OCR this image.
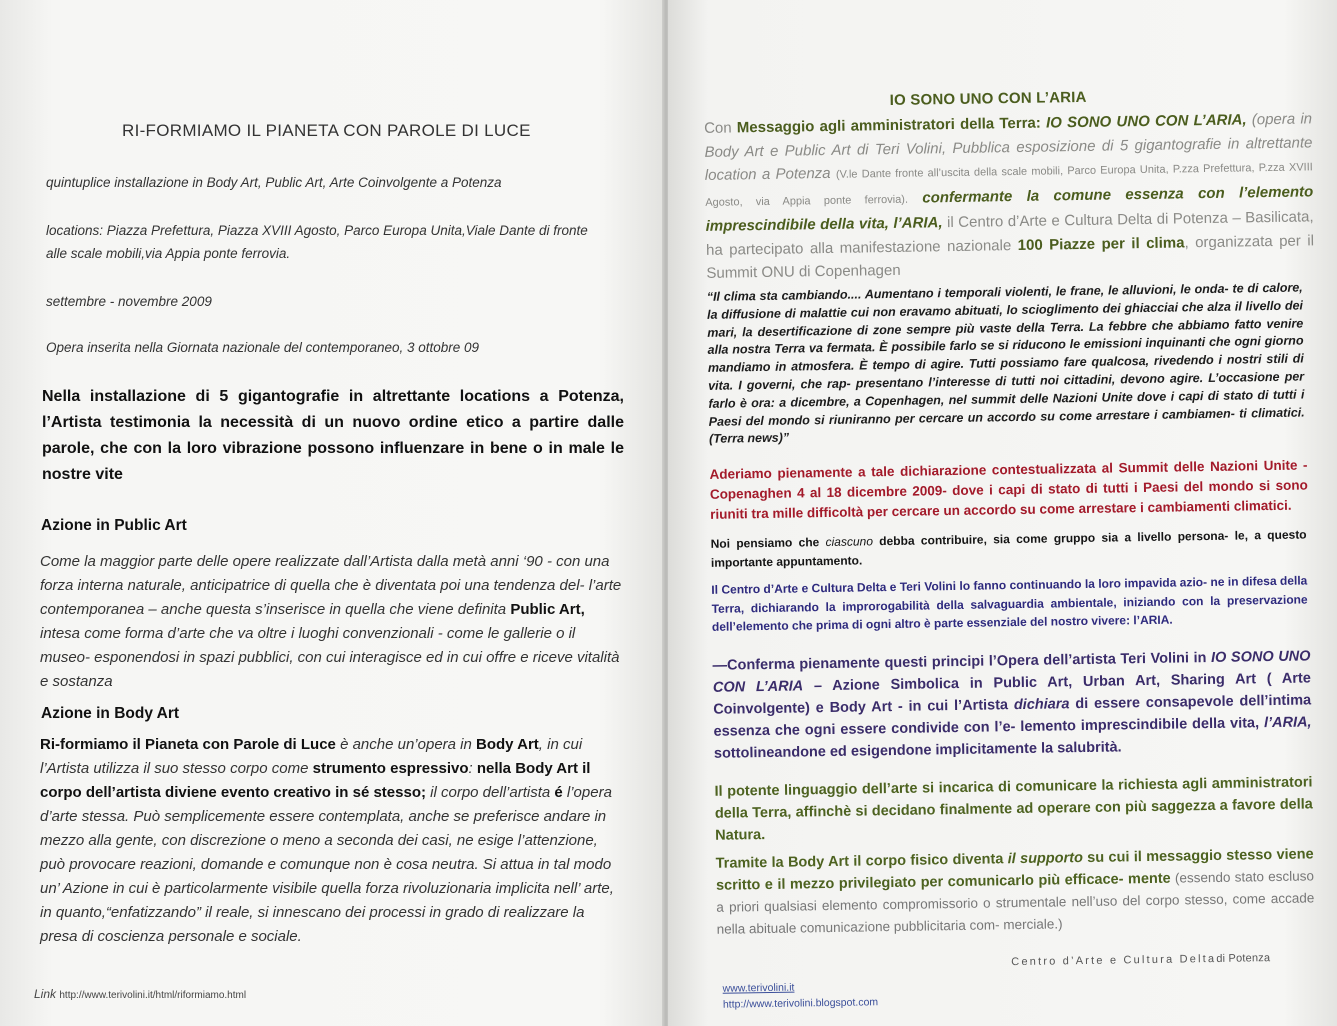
RI-FORMIAMO IL PIANETA CON PAROLE DI LUCE
quintuplice installazione in Body Art, Public Art, Arte Coinvolgente a Potenza
locations: Piazza Prefettura, Piazza XVIII Agosto, Parco Europa Unita,Viale Dante di fronte
alle scale mobili,via Appia ponte ferrovia.
settembre - novembre 2009
Opera inserita nella Giornata nazionale del contemporaneo, 3 ottobre 09
Nella installazione di 5 gigantografie in altrettante locations a Potenza, l’Artista testimonia la necessità di un nuovo ordine etico a partire dalle parole, che con la loro vibrazione possono influenzare in bene o in male le nostre vite
Azione in Public Art
Come la maggior parte delle opere realizzate dall’Artista dalla metà anni ‘90 - con una forza interna naturale, anticipatrice di quella che è diventata poi una tendenza del- l’arte contemporanea – anche questa s’inserisce in quella che viene definita Public Art, intesa come forma d’arte che va oltre i luoghi convenzionali - come le gallerie o il museo- esponendosi in spazi pubblici, con cui interagisce ed in cui offre e riceve vitalità e sostanza
Azione in Body Art
Ri-formiamo il Pianeta con Parole di Luce è anche un’opera in Body Art, in cui l’Artista utilizza il suo stesso corpo come strumento espressivo: nella Body Art il corpo dell’artista diviene evento creativo in sé stesso; il corpo dell’artista é l’opera d’arte stessa. Può semplicemente essere contemplata, anche se preferisce andare in mezzo alla gente, con discrezione o meno a seconda dei casi, ne esige l’attenzione, può provocare reazioni, domande e comunque non è cosa neutra. Si attua in tal modo un’ Azione in cui è particolarmente visibile quella forza rivoluzionaria implicita nell’ arte, in quanto,“enfatizzando” il reale, si innescano dei processi in grado di realizzare la presa di coscienza personale e sociale.
Link http://www.terivolini.it/html/riformiamo.html
IO SONO UNO CON L’ARIA
Con Messaggio agli amministratori della Terra: IO SONO UNO CON L’ARIA, (opera in Body Art e Public Art di Teri Volini, Pubblica esposizione di 5 gigantografie in altrettante location a Potenza (V.le Dante fronte all’uscita della scale mobili, Parco Europa Unita, P.zza Prefettura, P.zza XVIII Agosto, via Appia ponte ferrovia). confermante la comune essenza con l’elemento imprescindibile della vita, l’ARIA, il Centro d’Arte e Cultura Delta di Potenza – Basilicata, ha partecipato alla manifestazione nazionale 100 Piazze per il clima, organizzata per il Summit ONU di Copenhagen
“Il clima sta cambiando.... Aumentano i temporali violenti, le frane, le alluvioni, le onda- te di calore, la diffusione di malattie cui non eravamo abituati, lo scioglimento dei ghiacciai che alza il livello dei mari, la desertificazione di zone sempre più vaste della Terra. La febbre che abbiamo fatto venire alla nostra Terra va fermata. È possibile farlo se si riducono le emissioni inquinanti che ogni giorno mandiamo in atmosfera. È tempo di agire. Tutti possiamo fare qualcosa, rivedendo i nostri stili di vita. I governi, che rap- presentano l’interesse di tutti noi cittadini, devono agire. L’occasione per farlo è ora: a dicembre, a Copenhagen, nel summit delle Nazioni Unite dove i capi di stato di tutti i Paesi del mondo si riuniranno per cercare un accordo su come arrestare i cambiamen- ti climatici. (Terra news)”
Aderiamo pienamente a tale dichiarazione contestualizzata al Summit delle Nazioni Unite - Copenaghen 4 al 18 dicembre 2009- dove i capi di stato di tutti i Paesi del mondo si sono riuniti tra mille difficoltà per cercare un accordo su come arrestare i cambiamenti climatici.
Noi pensiamo che ciascuno debba contribuire, sia come gruppo sia a livello persona- le, a questo importante appuntamento.
Il Centro d’Arte e Cultura Delta e Teri Volini lo fanno continuando la loro impavida azio- ne in difesa della Terra, dichiarando la improrogabilità della salvaguardia ambientale, iniziando con la preservazione dell’elemento che prima di ogni altro è parte essenziale del nostro vivere: l’ARIA.
—Conferma pienamente questi principi l’Opera dell’artista Teri Volini in IO SONO UNO CON L’ARIA – Azione Simbolica in Public Art, Urban Art, Sharing Art ( Arte Coinvolgente) e Body Art - in cui l’Artista dichiara di essere consapevole dell’intima essenza che ogni essere condivide con l’e- lemento imprescindibile della vita, l’ARIA, sottolineandone ed esigendone implicitamente la salubrità.
Il potente linguaggio dell’arte si incarica di comunicare la richiesta agli amministratori della Terra, affinchè si decidano finalmente ad operare con più saggezza a favore della Natura.
Tramite la Body Art il corpo fisico diventa il supporto su cui il messaggio stesso viene scritto e il mezzo privilegiato per comunicarlo più efficace- mente (essendo stato escluso a priori qualsiasi elemento compromissorio o strumentale nell’uso del corpo stesso, come accade nella abituale comunicazione pubblicitaria com- merciale.)
Centro d’Arte e Cultura Deltadi Potenza
www.terivolini.it
http://www.terivolini.blogspot.com
